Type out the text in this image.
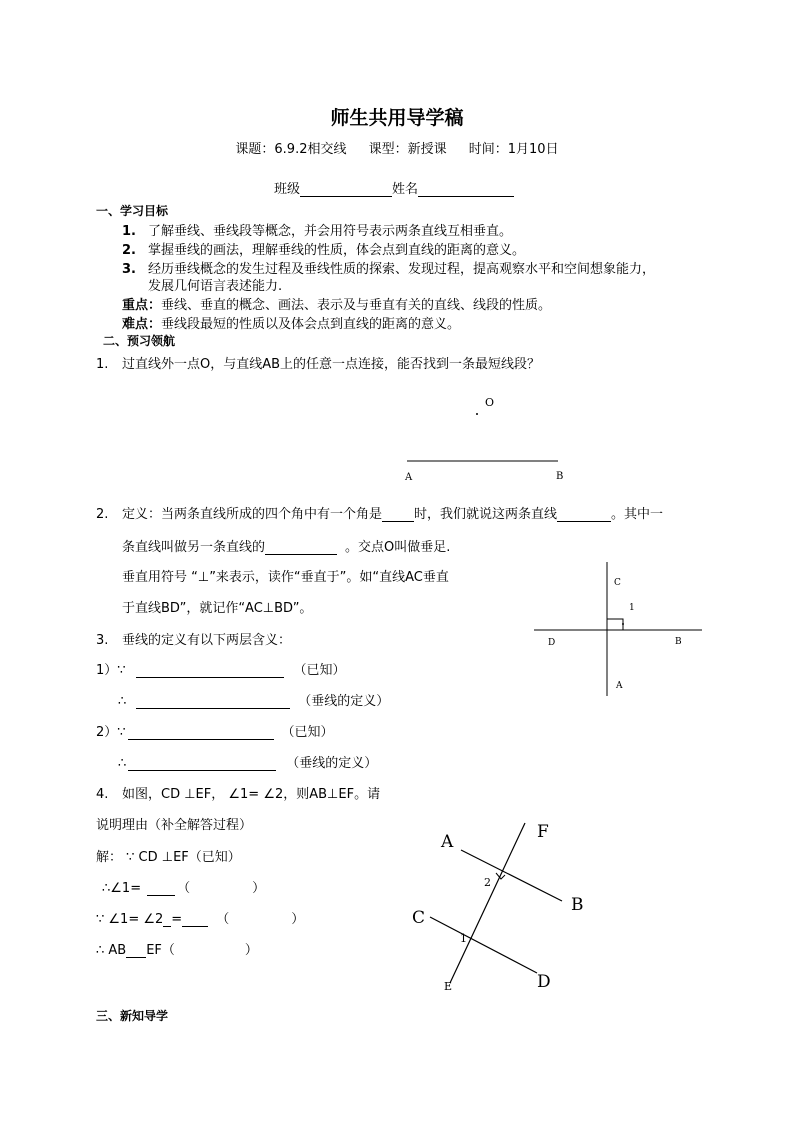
师生共用导学稿
课题：6.9.2相交线 课型：新授课 时间：1月10日
班级	姓名
一、学习目标
1. 了解垂线、垂线段等概念，并会用符号表示两条直线互相垂直。
2. 掌握垂线的画法，理解垂线的性质，体会点到直线的距离的意义。
3. 经历垂线概念的发生过程及垂线性质的探索、发现过程，提高观察水平和空间想象能力，
发展几何语言表述能力.
重点：垂线、垂直的概念、画法、表示及与垂直有关的直线、线段的性质。
难点：垂线段最短的性质以及体会点到直线的距离的意义。
二、预习领航
1. 过直线外一点O，与直线AB上的任意一点连接，能否找到一条最短线段？
O
A	B
2. 定义：当两条直线所成的四个角中有一个角是 时，我们就说这两条直线	。其中一
条直线叫做另一条直线的	。交点O叫做垂足.
垂直用符号 “⊥”来表示，读作“垂直于”。如“直线AC垂直
于直线BD”，就记作“AC⊥BD”。
C
1
D	B
A
3. 垂线的定义有以下两层含义：
1）∵	（已知）
∴	（垂线的定义）
2）∵	（已知）
∴	（垂线的定义）
4. 如图，CD ⊥EF， ∠1= ∠2，则AB⊥EF。请
说明理由（补全解答过程）
解： ∵ CD ⊥EF（已知）
∴∠1=	（	）
∵ ∠1= ∠2 =	（	）
∴ AB EF（	）
A	F
B
C
D
E
1
2
三、新知导学
